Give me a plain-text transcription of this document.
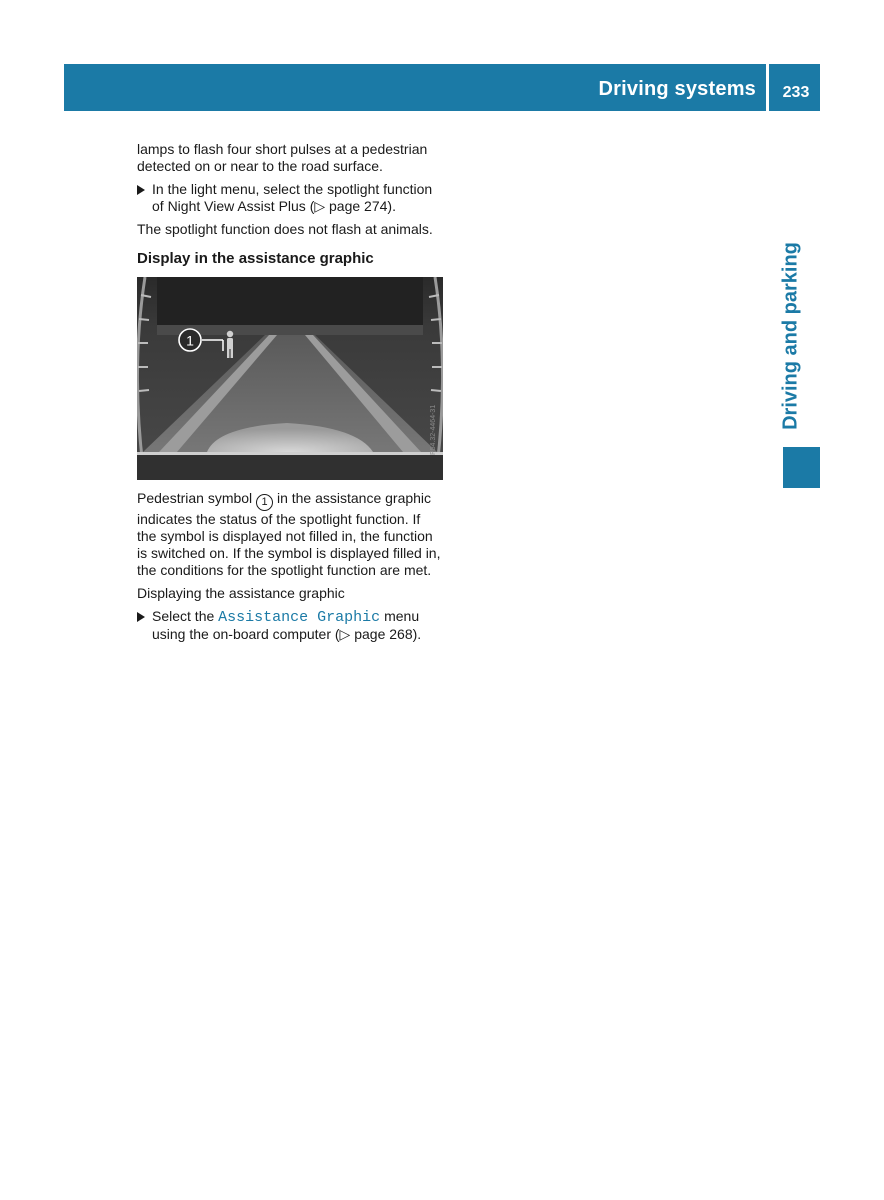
Driving systems	233
Driving and parking

lamps to flash four short pulses at a pedestrian detected on or near to the road surface.

In the light menu, select the spotlight function of Night View Assist Plus (▷ page 274).

The spotlight function does not flash at animals.

Display in the assistance graphic
1
P54.32-4464-31

Pedestrian symbol 1 in the assistance graphic indicates the status of the spotlight function. If the symbol is displayed not filled in, the function is switched on. If the symbol is displayed filled in, the conditions for the spotlight function are met.

Displaying the assistance graphic

Select the Assistance Graphic menu using the on-board computer (▷ page 268).
